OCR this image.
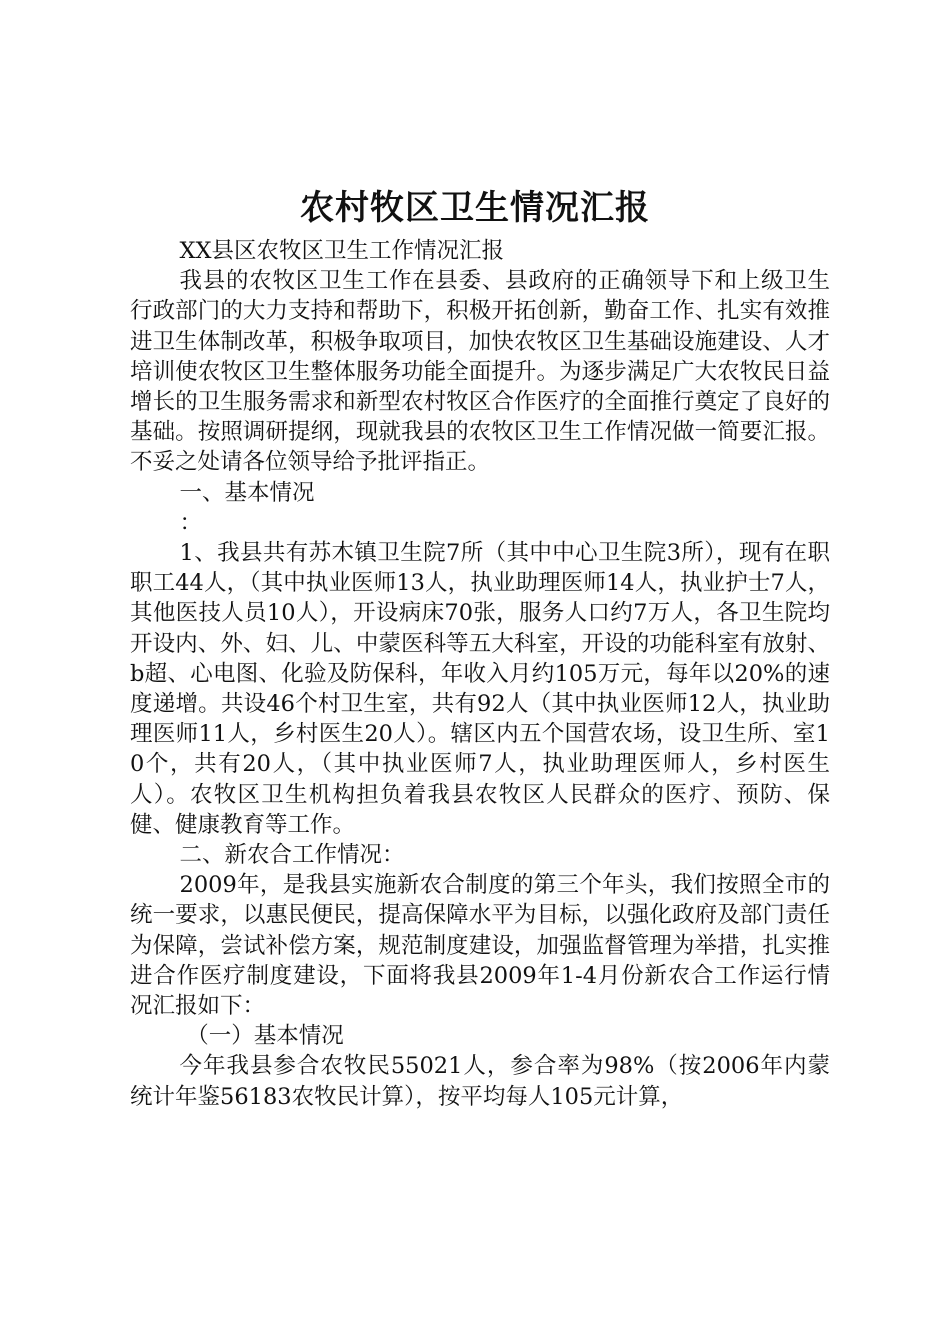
农村牧区卫生情况汇报

XX县区农牧区卫生工作情况汇报

我县的农牧区卫生工作在县委、县政府的正确领导下和上级卫生行政部门的大力支持和帮助下，积极开拓创新，勤奋工作、扎实有效推进卫生体制改革，积极争取项目，加快农牧区卫生基础设施建设、人才培训使农牧区卫生整体服务功能全面提升。为逐步满足广大农牧民日益增长的卫生服务需求和新型农村牧区合作医疗的全面推行奠定了良好的基础。按照调研提纲，现就我县的农牧区卫生工作情况做一简要汇报。不妥之处请各位领导给予批评指正。

一、基本情况

：

1、我县共有苏木镇卫生院7所（其中中心卫生院3所），现有在职职工44人，（其中执业医师13人，执业助理医师14人，执业护士7人，其他医技人员10人），开设病床70张，服务人口约7万人，各卫生院均开设内、外、妇、儿、中蒙医科等五大科室，开设的功能科室有放射、b超、心电图、化验及防保科，年收入月约105万元，每年以20%的速度递增。共设46个村卫生室，共有92人（其中执业医师12人，执业助理医师11人，乡村医生20人）。辖区内五个国营农场，设卫生所、室10个，共有20人，（其中执业医师7人，执业助理医师人，乡村医生人）。农牧区卫生机构担负着我县农牧区人民群众的医疗、预防、保健、健康教育等工作。

二、新农合工作情况：

2009年，是我县实施新农合制度的第三个年头，我们按照全市的统一要求，以惠民便民，提高保障水平为目标，以强化政府及部门责任为保障，尝试补偿方案，规范制度建设，加强监督管理为举措，扎实推进合作医疗制度建设，下面将我县2009年1-4月份新农合工作运行情况汇报如下：

（一）基本情况

今年我县参合农牧民55021人，参合率为98%（按2006年内蒙统计年鉴56183农牧民计算），按平均每人105元计算，
